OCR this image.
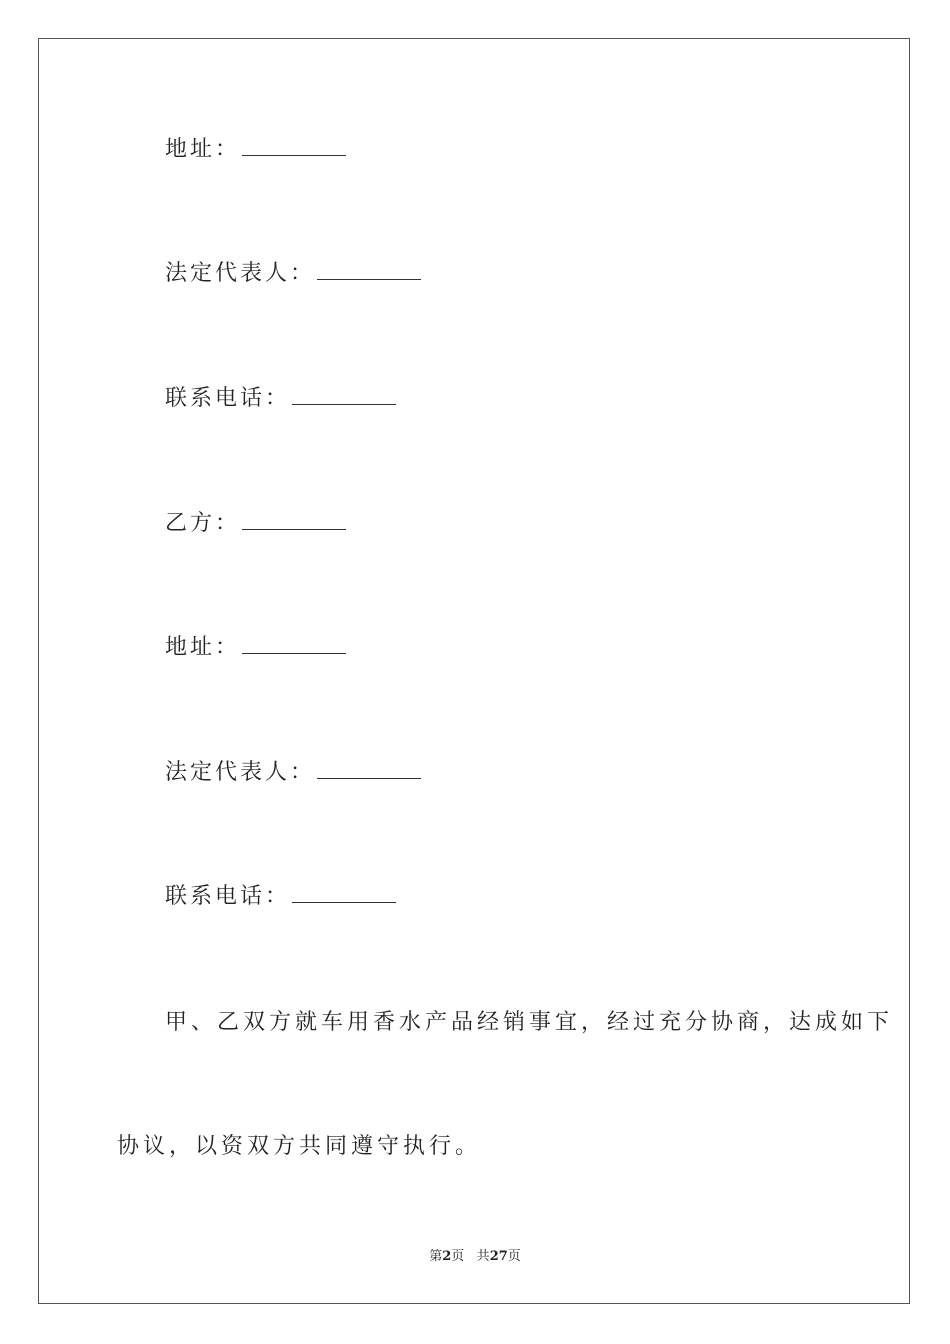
地址：
法定代表人：
联系电话：
乙方：
地址：
法定代表人：
联系电话：
甲、乙双方就车用香水产品经销事宜，经过充分协商，达成如下
协议，以资双方共同遵守执行。
第2页 共27页
